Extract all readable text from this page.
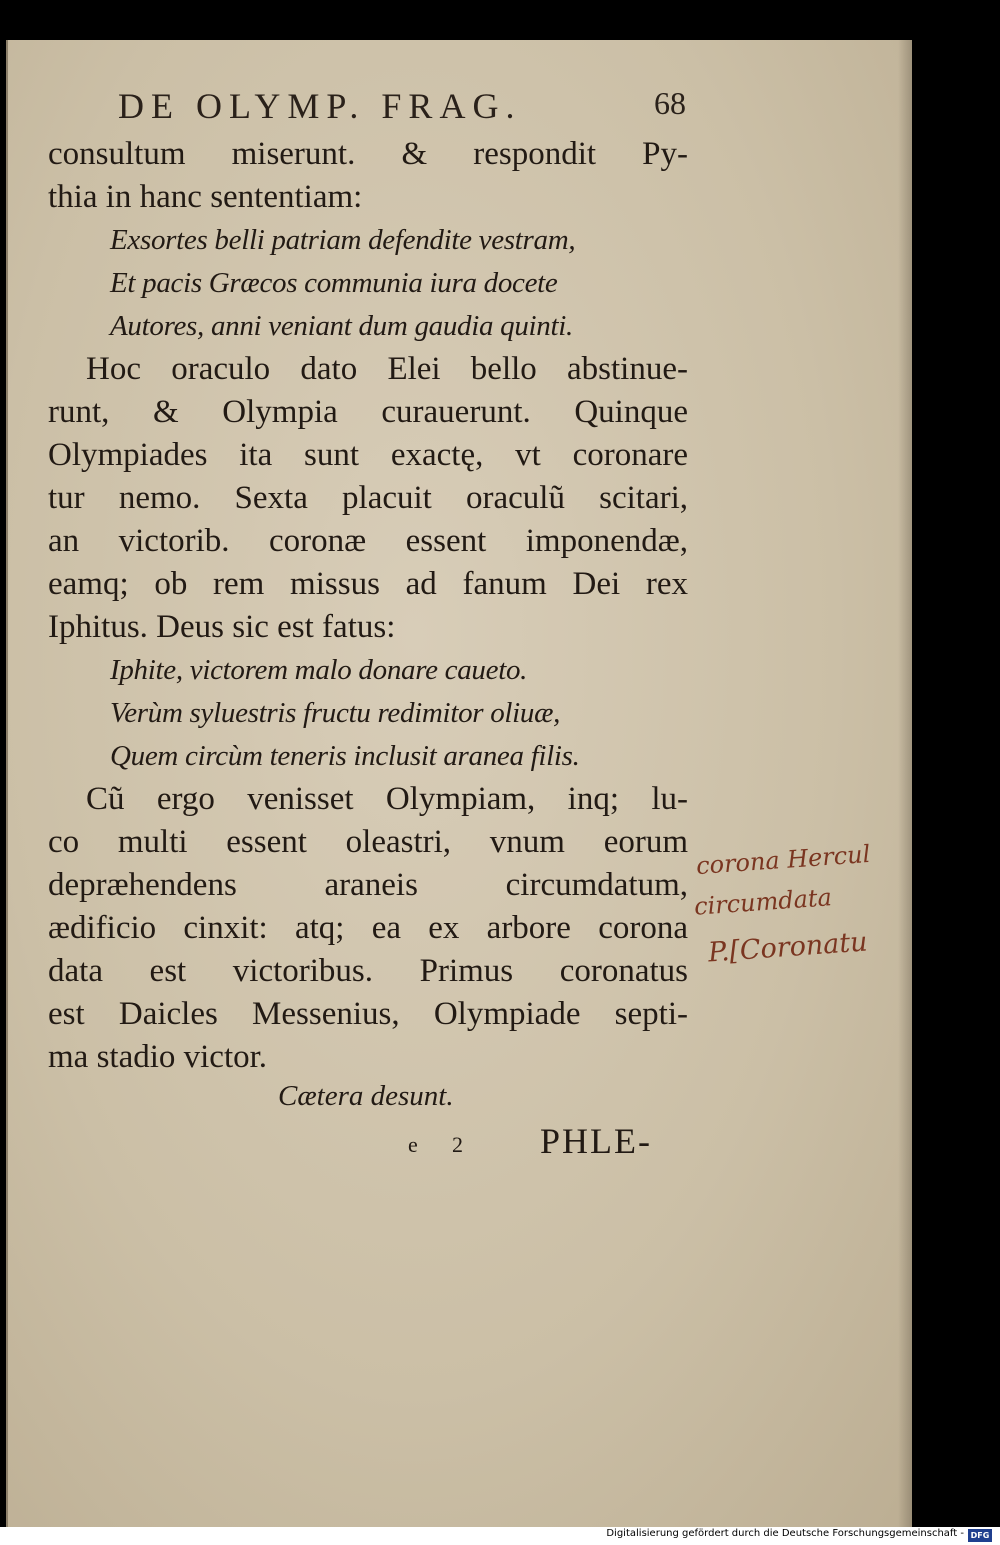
DE OLYMP. FRAG.	68
consultum miserunt. & respondit Py-
thia in hanc sententiam:
Exsortes belli patriam defendite vestram,
Et pacis Græcos communia iura docete
Autores, anni veniant dum gaudia quinti.
Hoc oraculo dato Elei bello abstinue-
runt, & Olympia curauerunt. Quinque
Olympiades ita sunt exactę, vt coronare
tur nemo. Sexta placuit oraculũ scitari,
an victorib. coronæ essent imponendæ,
eamq; ob rem missus ad fanum Dei rex
Iphitus. Deus sic est fatus:
Iphite, victorem malo donare caueto.
Verùm syluestris fructu redimitor oliuæ,
Quem circùm teneris inclusit aranea filis.
Cũ ergo venisset Olympiam, inq; lu-
co multi essent oleastri, vnum eorum
depræhendens araneis circumdatum,
ædificio cinxit: atq; ea ex arbore corona
data est victoribus. Primus coronatus
est Daicles Messenius, Olympiade septi-
ma stadio victor.
corona Hercul
circumdata
P.[Coronatu
Cætera desunt.
e 2 PHLE-
Digitalisierung gefördert durch die Deutsche Forschungsgemeinschaft - DFG
